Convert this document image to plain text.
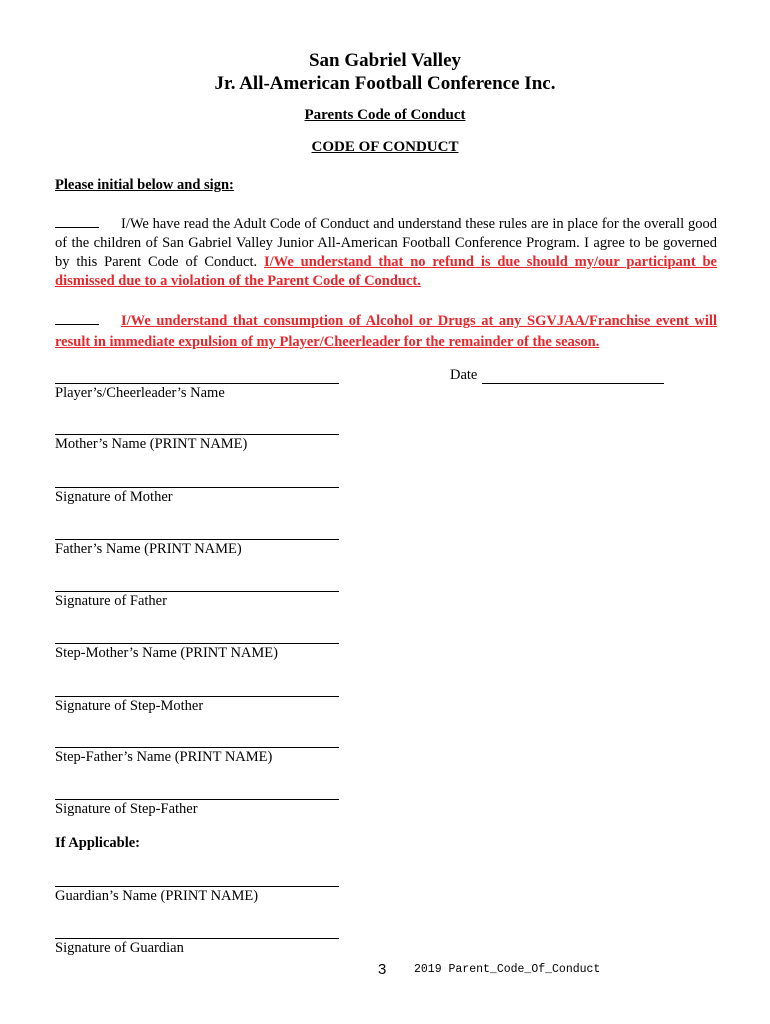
San Gabriel Valley
Jr. All-American Football Conference Inc.
Parents Code of Conduct
CODE OF CONDUCT
Please initial below and sign:
I/We have read the Adult Code of Conduct and understand these rules are in place for the overall good of the children of San Gabriel Valley Junior All-American Football Conference Program. I agree to be governed by this Parent Code of Conduct. I/We understand that no refund is due should my/our participant be dismissed due to a violation of the Parent Code of Conduct.
I/We understand that consumption of Alcohol or Drugs at any SGVJAA/Franchise event will result in immediate expulsion of my Player/Cheerleader for the remainder of the season.
Player’s/Cheerleader’s Name
Date
Mother’s Name (PRINT NAME)
Signature of Mother
Father’s Name (PRINT NAME)
Signature of Father
Step-Mother’s Name (PRINT NAME)
Signature of Step-Mother
Step-Father’s Name (PRINT NAME)
Signature of Step-Father
If Applicable:
Guardian’s Name (PRINT NAME)
Signature of Guardian
3 2019 Parent_Code_Of_Conduct
